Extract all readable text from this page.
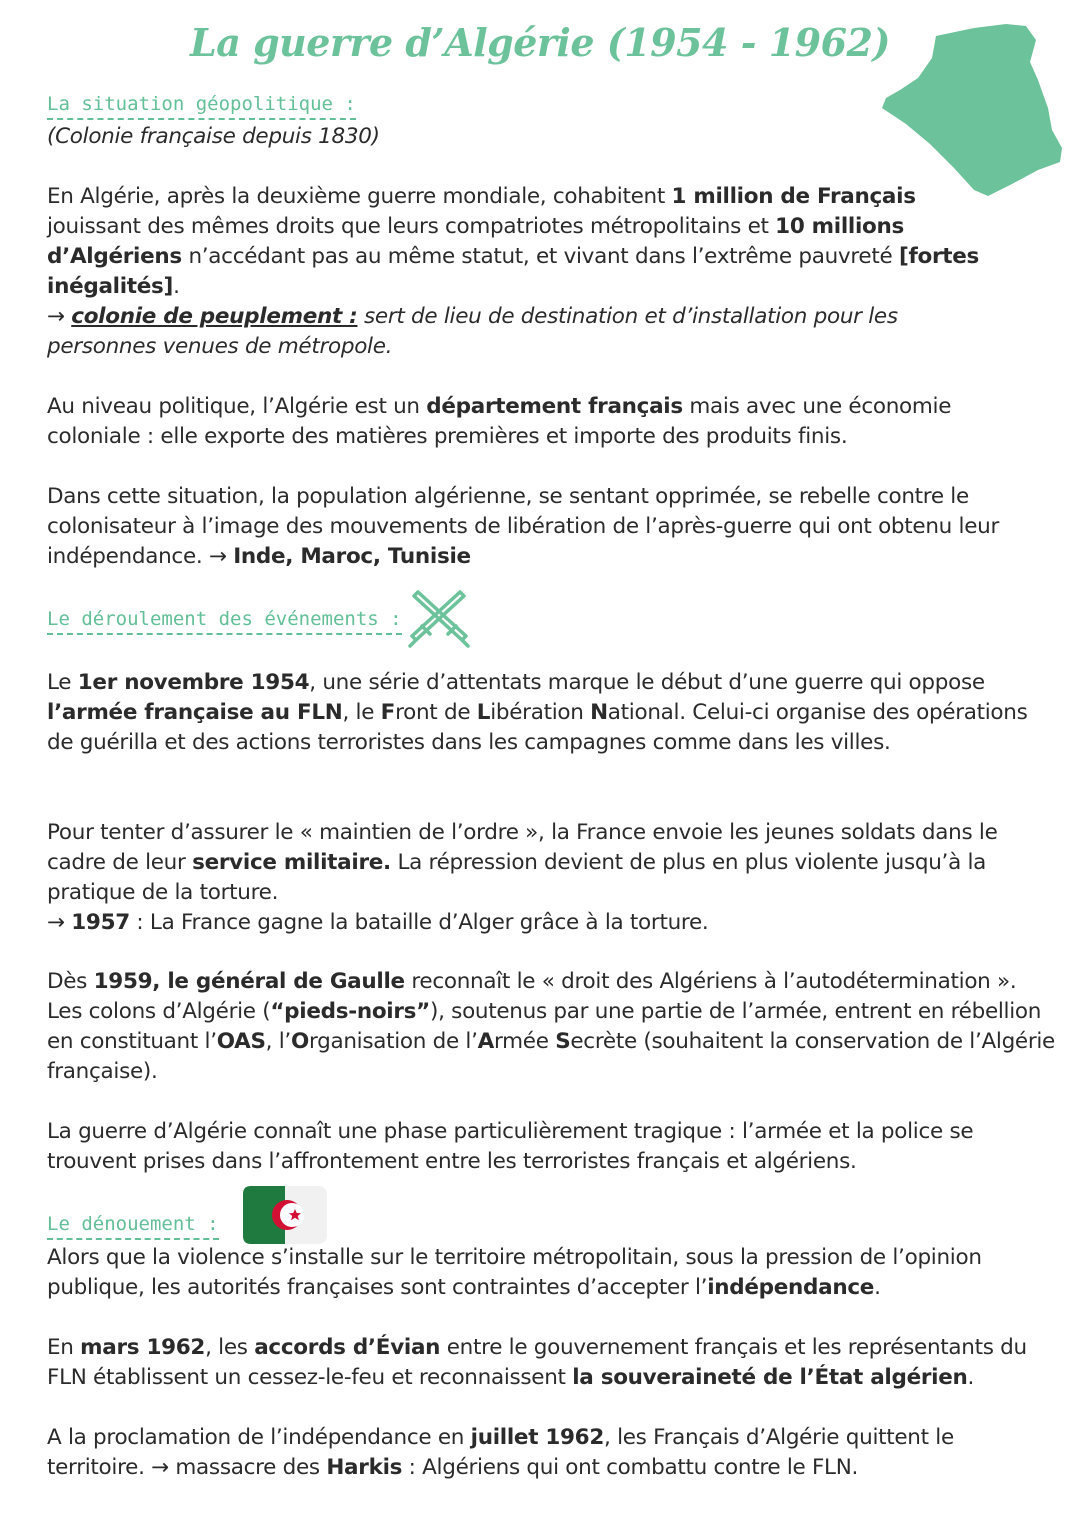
La guerre d’Algérie (1954 - 1962)
La situation géopolitique :

(Colonie française depuis 1830)

En Algérie, après la deuxième guerre mondiale, cohabitent 1 million de Français jouissant des mêmes droits que leurs compatriotes métropolitains et 10 millions d’Algériens n’accédant pas au même statut, et vivant dans l’extrême pauvreté [fortes inégalités].
→ colonie de peuplement : sert de lieu de destination et d’installation pour les personnes venues de métropole.

Au niveau politique, l’Algérie est un département français mais avec une économie coloniale : elle exporte des matières premières et importe des produits finis.

Dans cette situation, la population algérienne, se sentant opprimée, se rebelle contre le colonisateur à l’image des mouvements de libération de l’après-guerre qui ont obtenu leur indépendance. → Inde, Maroc, Tunisie

Le déroulement des événements :

Le 1er novembre 1954, une série d’attentats marque le début d’une guerre qui oppose l’armée française au FLN, le Front de Libération National. Celui-ci organise des opérations de guérilla et des actions terroristes dans les campagnes comme dans les villes.

Pour tenter d’assurer le « maintien de l’ordre », la France envoie les jeunes soldats dans le cadre de leur service militaire. La répression devient de plus en plus violente jusqu’à la pratique de la torture.
→ 1957 : La France gagne la bataille d’Alger grâce à la torture.

Dès 1959, le général de Gaulle reconnaît le « droit des Algériens à l’autodétermination ». Les colons d’Algérie (“pieds-noirs”), soutenus par une partie de l’armée, entrent en rébellion en constituant l’OAS, l’Organisation de l’Armée Secrète (souhaitent la conservation de l’Algérie française).

La guerre d’Algérie connaît une phase particulièrement tragique : l’armée et la police se trouvent prises dans l’affrontement entre les terroristes français et algériens.

Le dénouement :

Alors que la violence s’installe sur le territoire métropolitain, sous la pression de l’opinion publique, les autorités françaises sont contraintes d’accepter l’indépendance.

En mars 1962, les accords d’Évian entre le gouvernement français et les représentants du FLN établissent un cessez-le-feu et reconnaissent la souveraineté de l’État algérien.

A la proclamation de l’indépendance en juillet 1962, les Français d’Algérie quittent le territoire. → massacre des Harkis : Algériens qui ont combattu contre le FLN.
